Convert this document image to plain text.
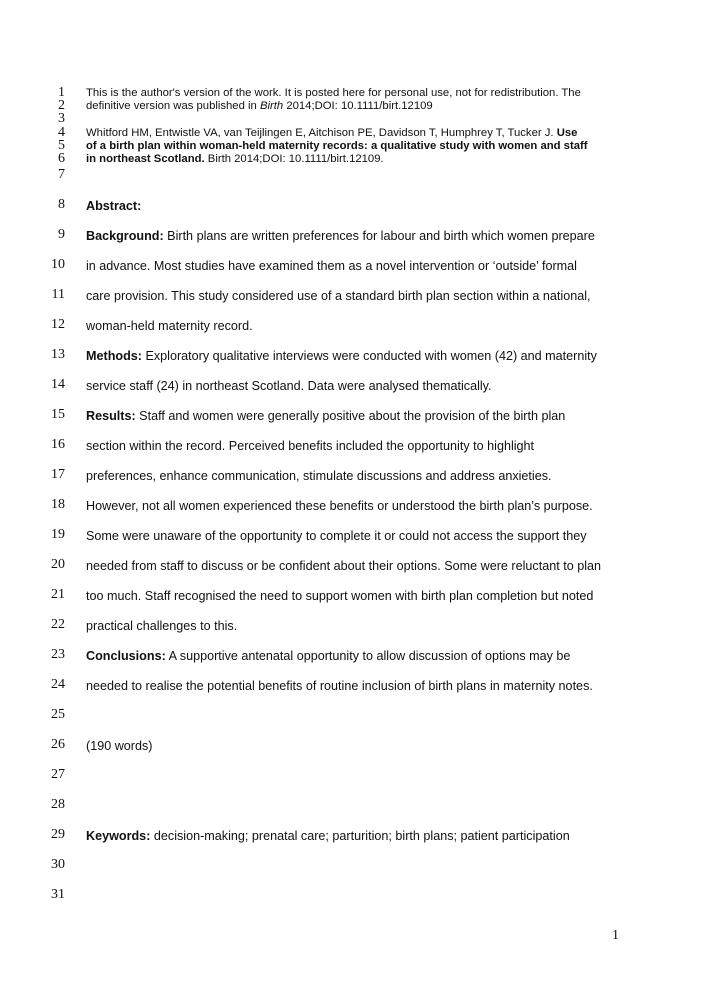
1
2
3
4
5
6
7
8
9
10
11
12
13
14
15
16
17
18
19
20
21
22
23
24
25
26
27
28
29
30
31
This is the author's version of the work. It is posted here for personal use, not for redistribution. The
definitive version was published in Birth 2014;DOI: 10.1111/birt.12109
Whitford HM, Entwistle VA, van Teijlingen E, Aitchison PE, Davidson T, Humphrey T, Tucker J. Use
of a birth plan within woman-held maternity records: a qualitative study with women and staff
in northeast Scotland. Birth 2014;DOI: 10.1111/birt.12109.
Abstract:
Background: Birth plans are written preferences for labour and birth which women prepare
in advance. Most studies have examined them as a novel intervention or ‘outside’ formal
care provision. This study considered use of a standard birth plan section within a national,
woman-held maternity record.
Methods: Exploratory qualitative interviews were conducted with women (42) and maternity
service staff (24) in northeast Scotland. Data were analysed thematically.
Results: Staff and women were generally positive about the provision of the birth plan
section within the record. Perceived benefits included the opportunity to highlight
preferences, enhance communication, stimulate discussions and address anxieties.
However, not all women experienced these benefits or understood the birth plan’s purpose.
Some were unaware of the opportunity to complete it or could not access the support they
needed from staff to discuss or be confident about their options. Some were reluctant to plan
too much. Staff recognised the need to support women with birth plan completion but noted
practical challenges to this.
Conclusions: A supportive antenatal opportunity to allow discussion of options may be
needed to realise the potential benefits of routine inclusion of birth plans in maternity notes.
(190 words)
Keywords: decision-making; prenatal care; parturition; birth plans; patient participation
1
